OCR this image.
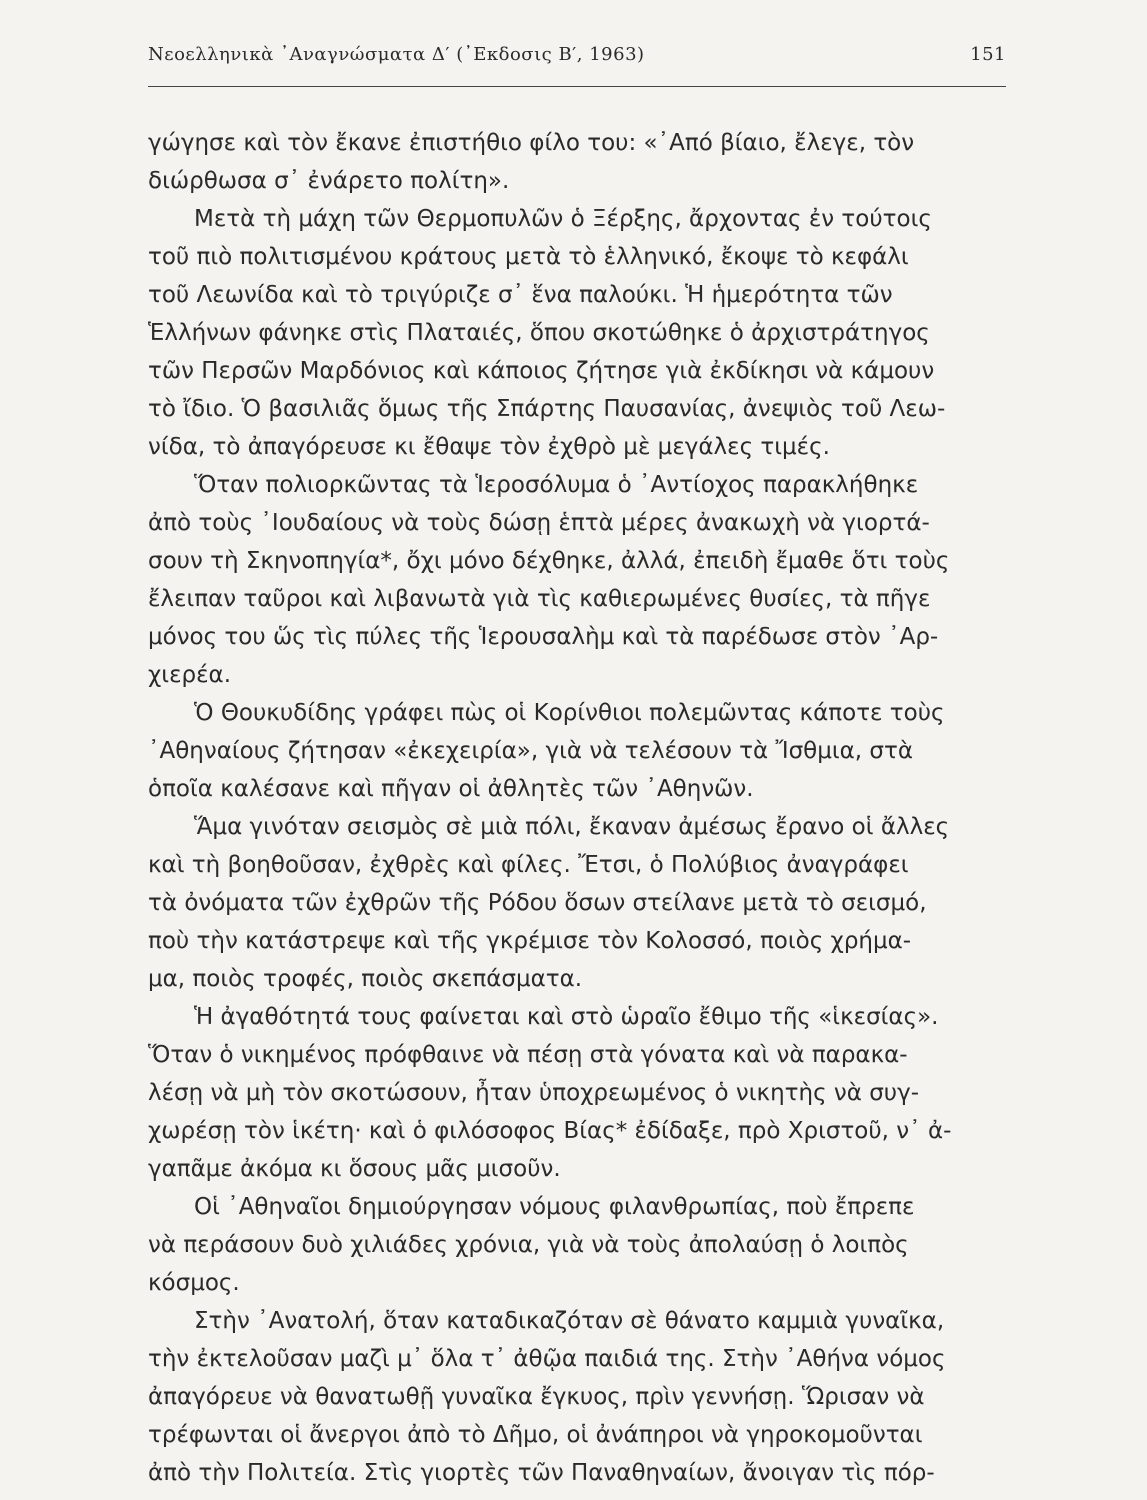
Νεοελληνικὰ ᾿Αναγνώσματα Δ′ (᾿Εκδοσις Β′, 1963)	151
γώγησε καὶ τὸν ἔκανε ἐπιστήθιο φίλο του: «᾿Από βίαιο, ἔλεγε, τὸν
διώρθωσα σ᾿ ἐνάρετο πολίτη».
Μετὰ τὴ μάχη τῶν Θερμοπυλῶν ὁ Ξέρξης, ἄρχοντας ἐν τούτοις
τοῦ πιὸ πολιτισμένου κράτους μετὰ τὸ ἑλληνικό, ἔκοψε τὸ κεφάλι
τοῦ Λεωνίδα καὶ τὸ τριγύριζε σ᾿ ἕνα παλούκι. Ἡ ἡμερότητα τῶν
Ἑλλήνων φάνηκε στὶς Πλαταιές, ὅπου σκοτώθηκε ὁ ἀρχιστράτηγος
τῶν Περσῶν Μαρδόνιος καὶ κάποιος ζήτησε γιὰ ἐκδίκησι νὰ κάμουν
τὸ ἴδιο. Ὁ βασιλιᾶς ὅμως τῆς Σπάρτης Παυσανίας, ἀνεψιὸς τοῦ Λεω-
νίδα, τὸ ἀπαγόρευσε κι ἔθαψε τὸν ἐχθρὸ μὲ μεγάλες τιμές.
Ὅταν πολιορκῶντας τὰ Ἱεροσόλυμα ὁ ᾿Αντίοχος παρακλήθηκε
ἀπὸ τοὺς ᾿Ιουδαίους νὰ τοὺς δώσῃ ἑπτὰ μέρες ἀνακωχὴ νὰ γιορτά-
σουν τὴ Σκηνοπηγία*, ὄχι μόνο δέχθηκε, ἀλλά, ἐπειδὴ ἔμαθε ὅτι τοὺς
ἔλειπαν ταῦροι καὶ λιβανωτὰ γιὰ τὶς καθιερωμένες θυσίες, τὰ πῆγε
μόνος του ὥς τὶς πύλες τῆς Ἱερουσαλὴμ καὶ τὰ παρέδωσε στὸν ᾿Αρ-
χιερέα.
Ὁ Θουκυδίδης γράφει πὼς οἱ Κορίνθιοι πολεμῶντας κάποτε τοὺς
᾿Αθηναίους ζήτησαν «ἐκεχειρία», γιὰ νὰ τελέσουν τὰ Ἴσθμια, στὰ
ὁποῖα καλέσανε καὶ πῆγαν οἱ ἀθλητὲς τῶν ᾿Αθηνῶν.
Ἅμα γινόταν σεισμὸς σὲ μιὰ πόλι, ἔκαναν ἀμέσως ἔρανο οἱ ἄλλες
καὶ τὴ βοηθοῦσαν, ἐχθρὲς καὶ φίλες. Ἔτσι, ὁ Πολύβιος ἀναγράφει
τὰ ὀνόματα τῶν ἐχθρῶν τῆς Ρόδου ὅσων στείλανε μετὰ τὸ σεισμό,
ποὺ τὴν κατάστρεψε καὶ τῆς γκρέμισε τὸν Κολοσσό, ποιὸς χρήμα-
μα, ποιὸς τροφές, ποιὸς σκεπάσματα.
Ἡ ἀγαθότητά τους φαίνεται καὶ στὸ ὡραῖο ἔθιμο τῆς «ἱκεσίας».
Ὅταν ὁ νικημένος πρόφθαινε νὰ πέσῃ στὰ γόνατα καὶ νὰ παρακα-
λέσῃ νὰ μὴ τὸν σκοτώσουν, ἦταν ὑποχρεωμένος ὁ νικητὴς νὰ συγ-
χωρέσῃ τὸν ἱκέτη· καὶ ὁ φιλόσοφος Βίας* ἐδίδαξε, πρὸ Χριστοῦ, ν᾿ ἀ-
γαπᾶμε ἀκόμα κι ὅσους μᾶς μισοῦν.
Οἱ ᾿Αθηναῖοι δημιούργησαν νόμους φιλανθρωπίας, ποὺ ἔπρεπε
νὰ περάσουν δυὸ χιλιάδες χρόνια, γιὰ νὰ τοὺς ἀπολαύσῃ ὁ λοιπὸς
κόσμος.
Στὴν ᾿Ανατολή, ὅταν καταδικαζόταν σὲ θάνατο καμμιὰ γυναῖκα,
τὴν ἐκτελοῦσαν μαζὶ μ᾿ ὅλα τ᾿ ἀθῷα παιδιά της. Στὴν ᾿Αθήνα νόμος
ἀπαγόρευε νὰ θανατωθῇ γυναῖκα ἔγκυος, πρὶν γεννήσῃ. Ὥρισαν νὰ
τρέφωνται οἱ ἄνεργοι ἀπὸ τὸ Δῆμο, οἱ ἀνάπηροι νὰ γηροκομοῦνται
ἀπὸ τὴν Πολιτεία. Στὶς γιορτὲς τῶν Παναθηναίων, ἄνοιγαν τὶς πόρ-
